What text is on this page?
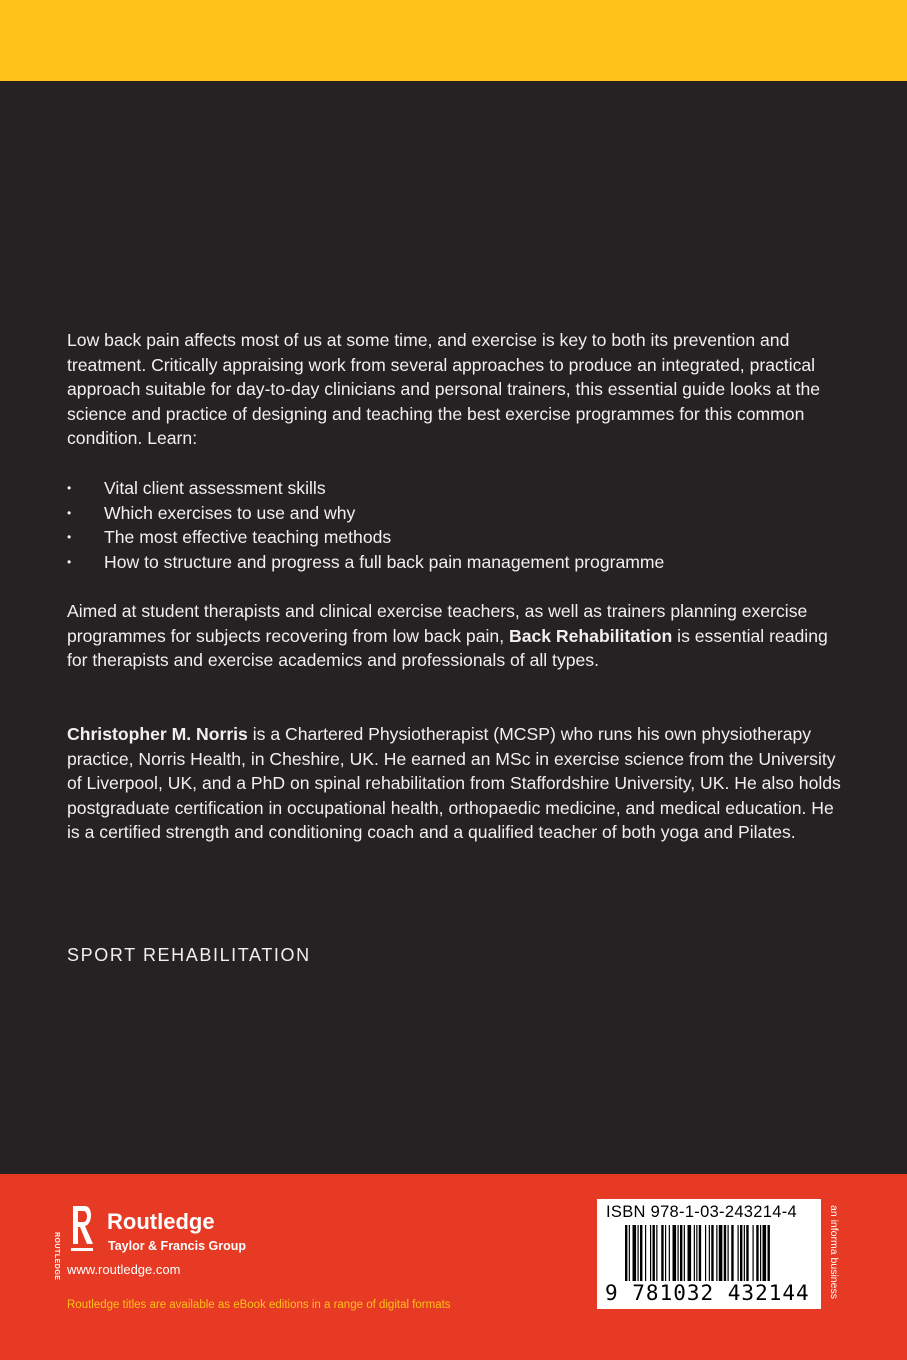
Low back pain affects most of us at some time, and exercise is key to both its prevention and treatment. Critically appraising work from several approaches to produce an integrated, practical approach suitable for day-to-day clinicians and personal trainers, this essential guide looks at the science and practice of designing and teaching the best exercise programmes for this common condition. Learn:

• Vital client assessment skills
• Which exercises to use and why
• The most effective teaching methods
• How to structure and progress a full back pain management programme
Aimed at student therapists and clinical exercise teachers, as well as trainers planning exercise programmes for subjects recovering from low back pain, Back Rehabilitation is essential reading for therapists and exercise academics and professionals of all types.
Christopher M. Norris is a Chartered Physiotherapist (MCSP) who runs his own physiotherapy practice, Norris Health, in Cheshire, UK. He earned an MSc in exercise science from the University of Liverpool, UK, and a PhD on spinal rehabilitation from Staffordshire University, UK. He also holds postgraduate certification in occupational health, orthopaedic medicine, and medical education. He is a certified strength and conditioning coach and a qualified teacher of both yoga and Pilates.
SPORT REHABILITATION
ROUTLEDGE
Routledge
Taylor & Francis Group
www.routledge.com
Routledge titles are available as eBook editions in a range of digital formats
ISBN 978-1-03-243214-4
9 781032 432144 an informa business
